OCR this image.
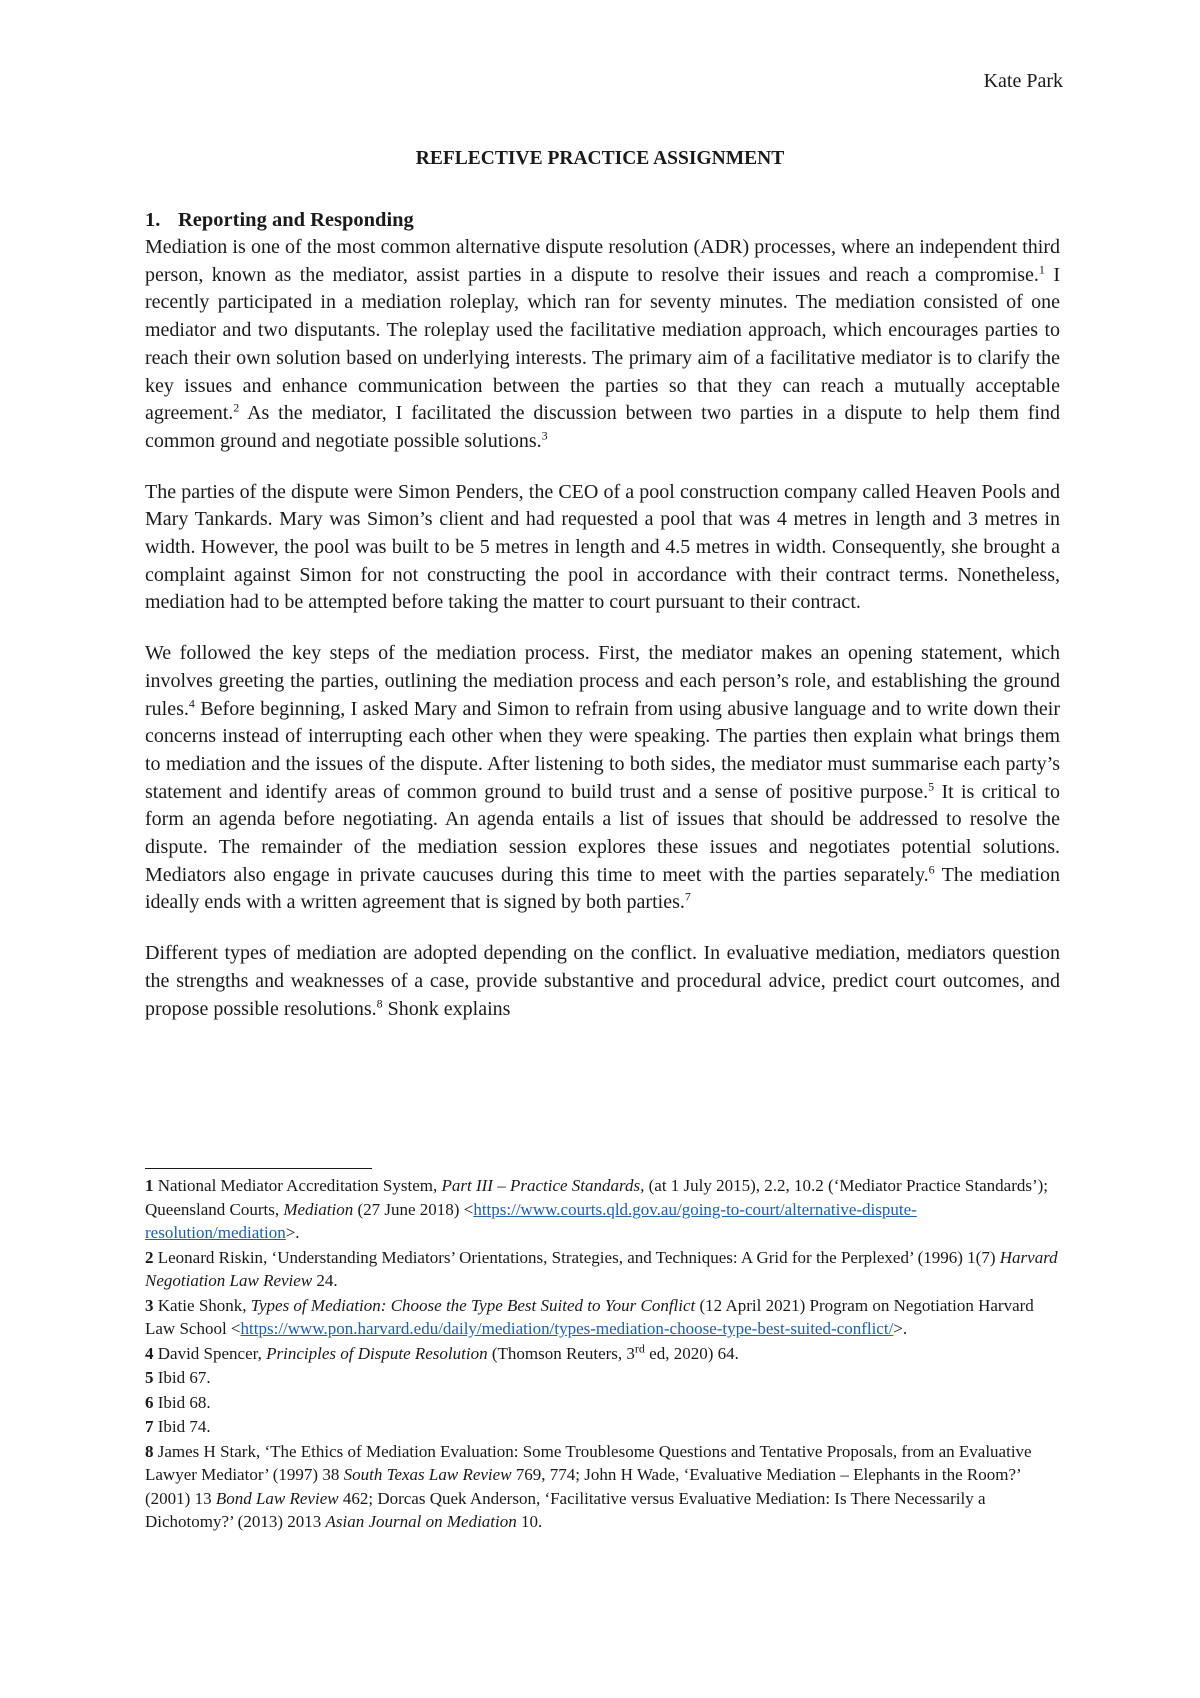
Kate Park
REFLECTIVE PRACTICE ASSIGNMENT
1. Reporting and Responding

Mediation is one of the most common alternative dispute resolution (ADR) processes, where an independent third person, known as the mediator, assist parties in a dispute to resolve their issues and reach a compromise.$^1$ I recently participated in a mediation roleplay, which ran for seventy minutes. The mediation consisted of one mediator and two disputants. The roleplay used the facilitative mediation approach, which encourages parties to reach their own solution based on underlying interests. The primary aim of a facilitative mediator is to clarify the key issues and enhance communication between the parties so that they can reach a mutually acceptable agreement.$^2$ As the mediator, I facilitated the discussion between two parties in a dispute to help them find common ground and negotiate possible solutions.$^3$

The parties of the dispute were Simon Penders, the CEO of a pool construction company called Heaven Pools and Mary Tankards. Mary was Simon’s client and had requested a pool that was 4 metres in length and 3 metres in width. However, the pool was built to be 5 metres in length and 4.5 metres in width. Consequently, she brought a complaint against Simon for not constructing the pool in accordance with their contract terms. Nonetheless, mediation had to be attempted before taking the matter to court pursuant to their contract.

We followed the key steps of the mediation process. First, the mediator makes an opening statement, which involves greeting the parties, outlining the mediation process and each person’s role, and establishing the ground rules.$^4$ Before beginning, I asked Mary and Simon to refrain from using abusive language and to write down their concerns instead of interrupting each other when they were speaking. The parties then explain what brings them to mediation and the issues of the dispute. After listening to both sides, the mediator must summarise each party’s statement and identify areas of common ground to build trust and a sense of positive purpose.$^5$ It is critical to form an agenda before negotiating. An agenda entails a list of issues that should be addressed to resolve the dispute. The remainder of the mediation session explores these issues and negotiates potential solutions. Mediators also engage in private caucuses during this time to meet with the parties separately.$^6$ The mediation ideally ends with a written agreement that is signed by both parties.$^7$

Different types of mediation are adopted depending on the conflict. In evaluative mediation, mediators question the strengths and weaknesses of a case, provide substantive and procedural advice, predict court outcomes, and propose possible resolutions.$^8$ Shonk explains

1 National Mediator Accreditation System, Part III – Practice Standards, (at 1 July 2015), 2.2, 10.2 (‘Mediator Practice Standards’); Queensland Courts, Mediation (27 June 2018) <https://www.courts.qld.gov.au/going-to-court/alternative-dispute-resolution/mediation>.
2 Leonard Riskin, ‘Understanding Mediators’ Orientations, Strategies, and Techniques: A Grid for the Perplexed’ (1996) 1(7) Harvard Negotiation Law Review 24.
3 Katie Shonk, Types of Mediation: Choose the Type Best Suited to Your Conflict (12 April 2021) Program on Negotiation Harvard Law School <https://www.pon.harvard.edu/daily/mediation/types-mediation-choose-type-best-suited-conflict/>.
4 David Spencer, Principles of Dispute Resolution (Thomson Reuters, 3rd ed, 2020) 64.
5 Ibid 67.
6 Ibid 68.
7 Ibid 74.
8 James H Stark, ‘The Ethics of Mediation Evaluation: Some Troublesome Questions and Tentative Proposals, from an Evaluative Lawyer Mediator’ (1997) 38 South Texas Law Review 769, 774; John H Wade, ‘Evaluative Mediation – Elephants in the Room?’ (2001) 13 Bond Law Review 462; Dorcas Quek Anderson, ‘Facilitative versus Evaluative Mediation: Is There Necessarily a Dichotomy?’ (2013) 2013 Asian Journal on Mediation 10.
